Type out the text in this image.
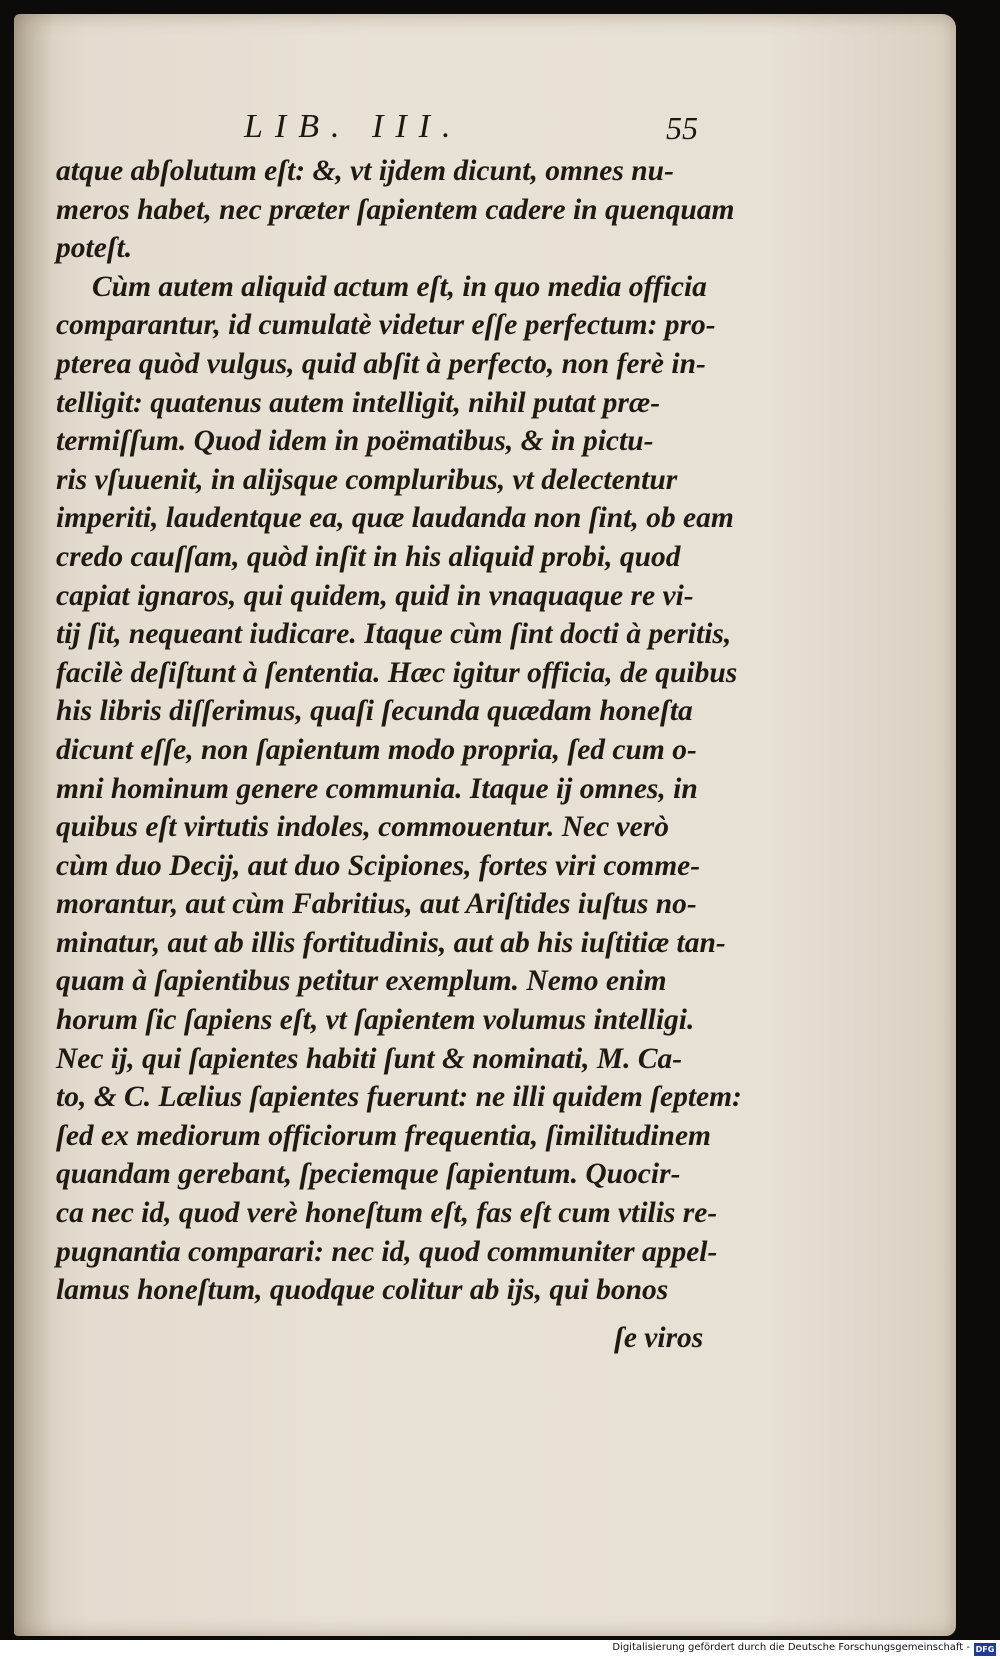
LIB. III.	55
atque abſolutum eſt: &, vt ijdem dicunt, omnes nu-
meros habet, nec præter ſapientem cadere in quenquam
poteſt.
Cùm autem aliquid actum eſt, in quo media officia
comparantur, id cumulatè videtur eſſe perfectum: pro-
pterea quòd vulgus, quid abſit à perfecto, non ferè in-
telligit: quatenus autem intelligit, nihil putat præ-
termiſſum. Quod idem in poëmatibus, & in pictu-
ris vſuuenit, in alijsque compluribus, vt delectentur
imperiti, laudentque ea, quæ laudanda non ſint, ob eam
credo cauſſam, quòd inſit in his aliquid probi, quod
capiat ignaros, qui quidem, quid in vnaquaque re vi-
tij ſit, nequeant iudicare. Itaque cùm ſint docti à peritis,
facilè deſiſtunt à ſententia. Hæc igitur officia, de quibus
his libris diſſerimus, quaſi ſecunda quædam honeſta
dicunt eſſe, non ſapientum modo propria, ſed cum o-
mni hominum genere communia. Itaque ij omnes, in
quibus eſt virtutis indoles, commouentur. Nec verò
cùm duo Decij, aut duo Scipiones, fortes viri comme-
morantur, aut cùm Fabritius, aut Ariſtides iuſtus no-
minatur, aut ab illis fortitudinis, aut ab his iuſtitiæ tan-
quam à ſapientibus petitur exemplum. Nemo enim
horum ſic ſapiens eſt, vt ſapientem volumus intelligi.
Nec ij, qui ſapientes habiti ſunt & nominati, M. Ca-
to, & C. Lælius ſapientes fuerunt: ne illi quidem ſeptem:
ſed ex mediorum officiorum frequentia, ſimilitudinem
quandam gerebant, ſpeciemque ſapientum. Quocir-
ca nec id, quod verè honeſtum eſt, fas eſt cum vtilis re-
pugnantia comparari: nec id, quod communiter appel-
lamus honeſtum, quodque colitur ab ijs, qui bonos
ſe viros
Digitalisierung gefördert durch die Deutsche Forschungsgemeinschaft - DFG
